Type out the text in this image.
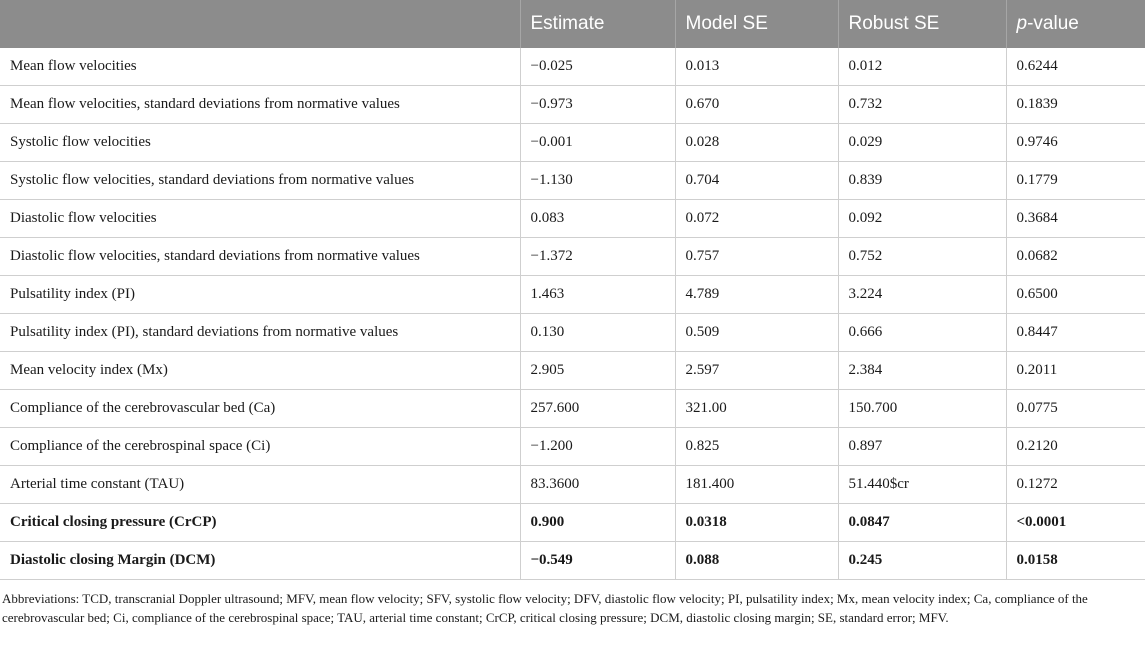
	Estimate	Model SE	Robust SE	p-value
Mean flow velocities	−0.025	0.013	0.012	0.6244
Mean flow velocities, standard deviations from normative values	−0.973	0.670	0.732	0.1839
Systolic flow velocities	−0.001	0.028	0.029	0.9746
Systolic flow velocities, standard deviations from normative values	−1.130	0.704	0.839	0.1779
Diastolic flow velocities	0.083	0.072	0.092	0.3684
Diastolic flow velocities, standard deviations from normative values	−1.372	0.757	0.752	0.0682
Pulsatility index (PI)	1.463	4.789	3.224	0.6500
Pulsatility index (PI), standard deviations from normative values	0.130	0.509	0.666	0.8447
Mean velocity index (Mx)	2.905	2.597	2.384	0.2011
Compliance of the cerebrovascular bed (Ca)	257.600	321.00	150.700	0.0775
Compliance of the cerebrospinal space (Ci)	−1.200	0.825	0.897	0.2120
Arterial time constant (TAU)	83.3600	181.400	51.440$cr	0.1272
Critical closing pressure (CrCP)	0.900	0.0318	0.0847	<0.0001
Diastolic closing Margin (DCM)	−0.549	0.088	0.245	0.0158
Abbreviations: TCD, transcranial Doppler ultrasound; MFV, mean flow velocity; SFV, systolic flow velocity; DFV, diastolic flow velocity; PI, pulsatility index; Mx, mean velocity index; Ca, compliance of the cerebrovascular bed; Ci, compliance of the cerebrospinal space; TAU, arterial time constant; CrCP, critical closing pressure; DCM, diastolic closing margin; SE, standard error; MFV.
